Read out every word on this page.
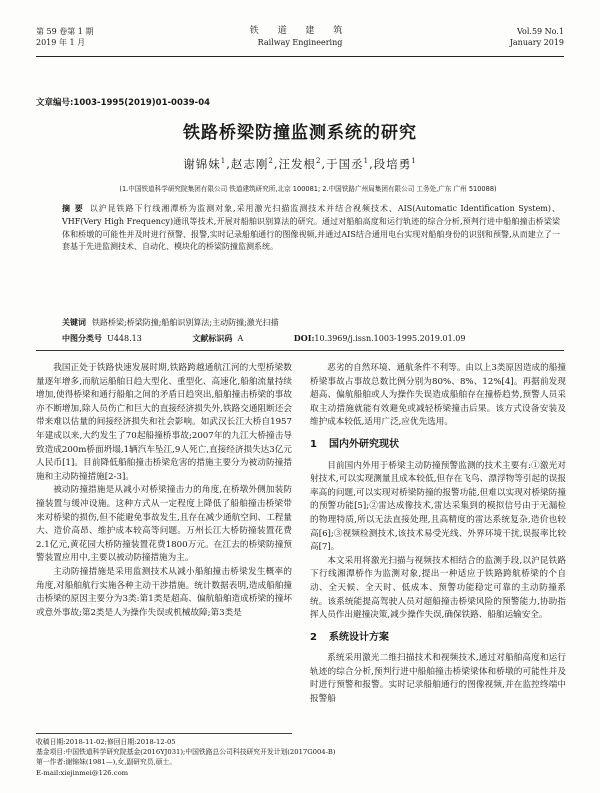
第 59 卷第 1 期
2019 年 1 月
铁 道 建 筑
Railway Engineering
Vol.59 No.1
January 2019
文章编号:1003-1995(2019)01-0039-04
铁路桥梁防撞监测系统的研究
谢锦妹$^1$,赵志刚$^2$,汪发根$^2$,于国丞$^1$,段培勇$^1$
(1.中国铁道科学研究院集团有限公司 铁道建筑研究所,北京 100081; 2.中国铁路广州局集团有限公司 工务处,广东 广州 510088)
摘 要 以沪昆铁路下行线湘潭桥为监测对象,采用激光扫描监测技术并结合视频技术、AIS(Automatic Identification System)、VHF(Very High Frequency)通讯等技术,开展对船舶识别算法的研究。通过对船舶高度和运行轨迹的综合分析,预判行进中船舶撞击桥梁梁体和桥墩的可能性并及时进行预警、报警,实时记录船舶通行的图像视频,并通过AIS结合通用电台实现对船舶身份的识别和预警,从而建立了一套基于先进监测技术、自动化、模块化的桥梁防撞监测系统。
关键词 铁路桥梁;桥梁防撞;船舶识别算法;主动防撞;激光扫描
中图分类号 U448.13	文献标识码 A	DOI:10.3969/j.issn.1003-1995.2019.01.09

我国正处于铁路快速发展时期,铁路跨越通航江河的大型桥梁数量逐年增多,而航运船舶日趋大型化、重型化、高速化,船舶流量持续增加,使得桥梁和通行船舶之间的矛盾日趋突出,船舶撞击桥梁的事故亦不断增加,除人员伤亡和巨大的直接经济损失外,铁路交通阻断还会带来难以估量的间接经济损失和社会影响。如武汉长江大桥自1957年建成以来,大约发生了70起船撞桥事故;2007年的九江大桥撞击导致造成200m桥面坍塌,1辆汽车坠江,9人死亡,直接经济损失达3亿元人民币[1]。目前降低船舶撞击桥梁危害的措施主要分为被动防撞措施和主动防撞措施[2-3]。

被动防撞措施是从减小对桥梁撞击力的角度,在桥墩外侧加装防撞装置与缓冲设施。这种方式从一定程度上降低了船舶撞击桥梁带来对桥梁的损伤,但不能避免事故发生,且存在减少通航空间、工程量大、造价高昂、维护成本较高等问题。万州长江大桥防撞装置花费2.1亿元,黄花园大桥防撞装置花费1800万元。在江去的桥梁防撞预警装置应用中,主要以被动防撞措施为主。

主动防撞措施是采用监测技术从减小船舶撞击桥梁发生概率的角度,对船舶航行实施各种主动干涉措施。统计数据表明,造成船舶撞击桥梁的原因主要分为3类:第1类是超高、偏航船舶造成桥梁的撞坏或意外事故;第2类是人为操作失误或机械故障;第3类是

恶劣的自然环境、通航条件不利等。由以上3类原因造成的船撞桥梁事故占事故总数比例分别为80%、8%、12%[4]。再据前发现超高、偏航船舶或人为操作失误造成船舶存在撞桥趋势,预警人员采取主动措施就能有效避免或减轻桥梁撞击后果。该方式设备安装及维护成本较低,适用广泛,应优先选用。

1 国内外研究现状

目前国内外用于桥梁主动防撞预警监测的技术主要有:①激光对射技术,可以实现测量且成本较低,但存在飞鸟、漂浮物等引起的误报率高的问题,可以实现对桥梁防撞的报警功能,但难以实现对桥梁防撞的预警功能[5];②雷达成像技术,雷达采集到的模拟信号由于无漏检的物理特质,所以无法直接处理,且高精度的雷达系统复杂,造价也较高[6];③视频检测技术,该技术易受光线、外界环境干扰,误报率比较高[7]。

本文采用将激光扫描与视频技术相结合的监测手段,以沪昆铁路下行线湘潭桥作为监测对象,提出一种适应于铁路跨航桥梁的个自动、全天候、全天时、低成本、预警功能稳定可靠的主动防撞系统。该系统能提高驾驶人员对超船撞击桥梁风险的预警能力,协助指挥人员作出避撞决策,减少操作失误,确保铁路、船舶运输安全。

2 系统设计方案

系统采用激光二维扫描技术和视频技术,通过对船舶高度和运行轨迹的综合分析,预判行进中船舶撞击桥梁梁体和桥墩的可能性并及时进行预警和报警。实时记录船舶通行的图像视频,并在监控终端中报警船

收稿日期:2018-11-02;修回日期:2018-12-05
基金项目:中国铁道科学研究院基金(2016YJ031);中国铁路总公司科技研究开发计划(2017G004-B)
第一作者:谢锦妹(1981—),女,副研究员,硕士。
E-mail:xiejinmei@126.com
